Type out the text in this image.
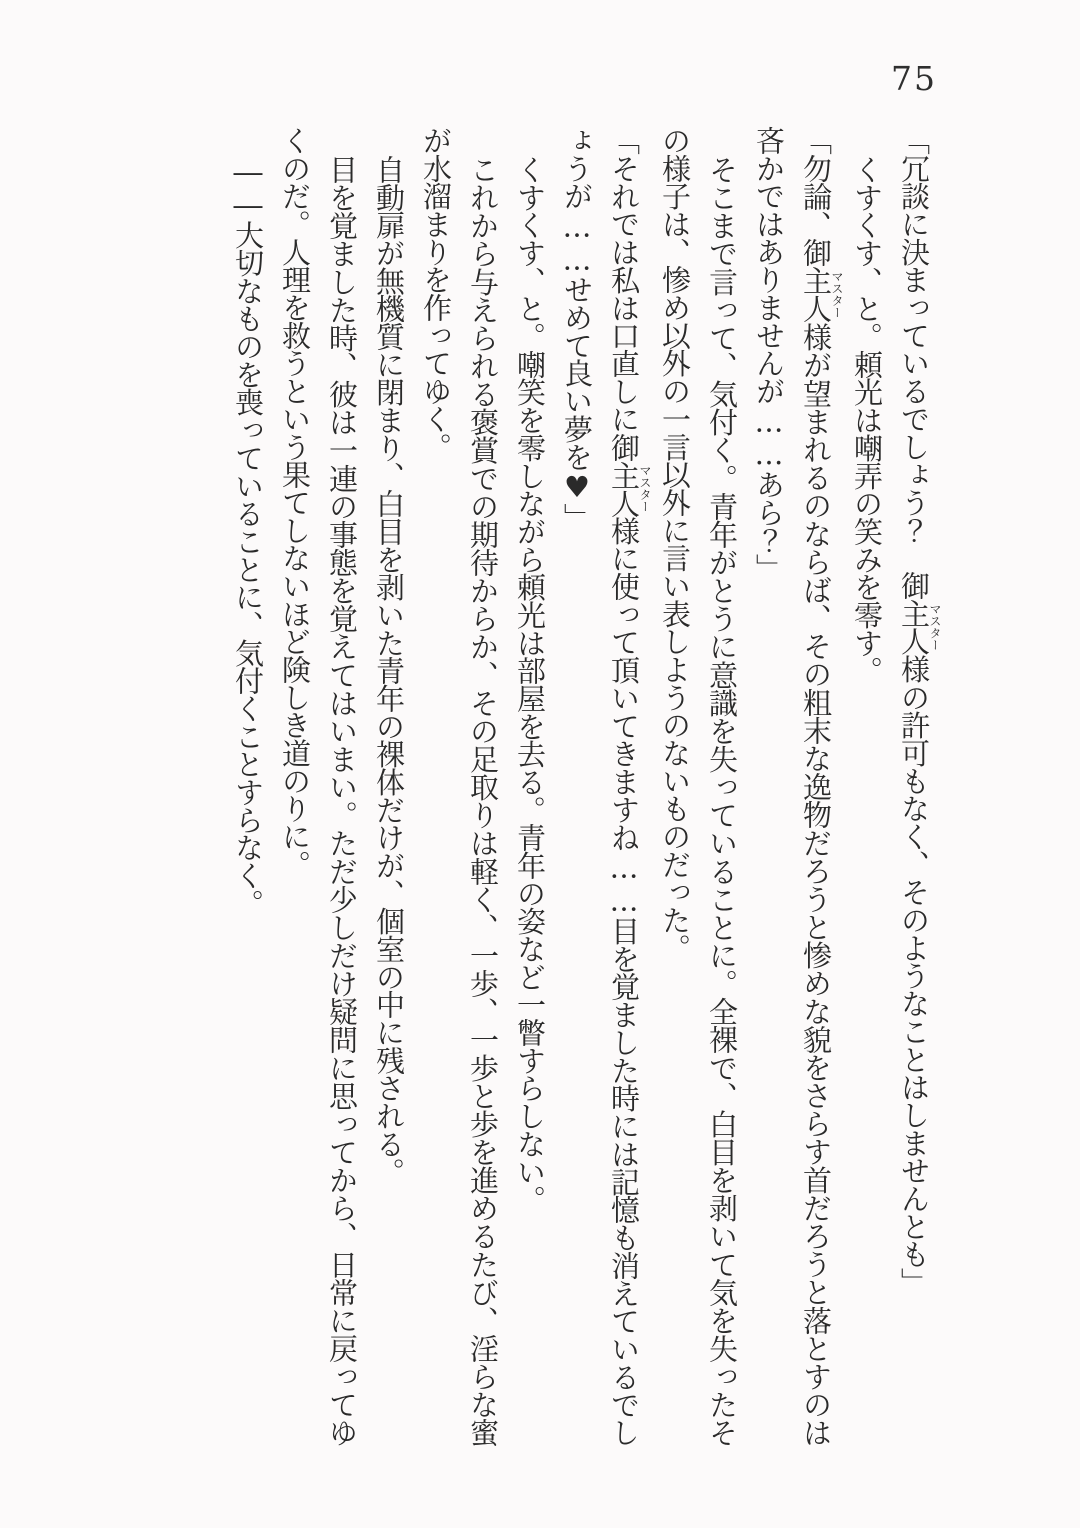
75

「冗談に決まっているでしょう？　御主人様マスターの許可もなく、そのようなことはしませんとも」

くすくす、と。頼光は嘲弄の笑みを零す。

「勿論、御主人様マスターが望まれるのならば、その粗末な逸物だろうと惨めな貌をさらす首だろうと落とすのは吝かではありませんが……あら？」

そこまで言って、気付く。青年がとうに意識を失っていることに。全裸で、白目を剥いて気を失ったその様子は、惨め以外の一言以外に言い表しようのないものだった。

「それでは私は口直しに御主人様マスターに使って頂いてきますね……目を覚ました時には記憶も消えているでしょうが……せめて良い夢を♥」

くすくす、と。嘲笑を零しながら頼光は部屋を去る。青年の姿など一瞥すらしない。

これから与えられる褒賞での期待からか、その足取りは軽く、一歩、一歩と歩を進めるたび、淫らな蜜が水溜まりを作ってゆく。

自動扉が無機質に閉まり、白目を剥いた青年の裸体だけが、個室の中に残される。

目を覚ました時、彼は一連の事態を覚えてはいまい。ただ少しだけ疑問に思ってから、日常に戻ってゆくのだ。人理を救うという果てしないほど険しき道のりに。

――大切なものを喪っていることに、気付くことすらなく。
